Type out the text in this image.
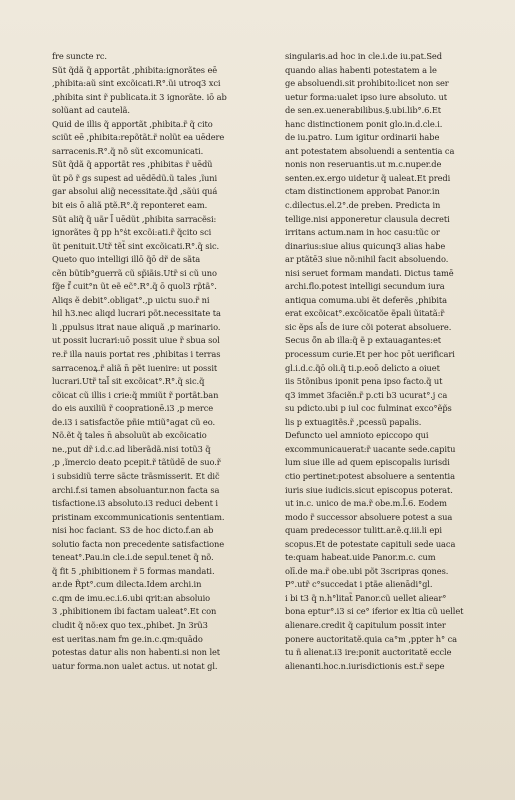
fre suncte rc.
Sũt q̃dã q̃ apportãt ,phibita:ignorãtes eē
,phibita:aũ sint excõicati.R°.ũi utroq3 xci
,phibita sint r̃ publicata.i̇t 3 ignorãte. iō ab
solũant ad cautelã.
Quid de illis q̃ apportãt ,phibita.r̃ q̃ cito
sciũt eē ,phibita:repõtãt.r̃ nolũt ea uēdere
sarracenis.R°.q̃ nõ sũt excomunicati.
Sũt q̃dã q̃ apportãt res ,phibitas r̃ uēdũ
ũt põ r̃ gs supest ad uēdēdũ.ũ tales ,ĩuni
gar absolui alig̃ necessitate.q̃d ,sãu̇i quá
bit eis ō aliã ptẽ.R°.q̃ reponteret eam.
Sũt aliq̃ q̃ uãr l̃ uēdũt ,phibita sarracẽsi:
ignorãtes q̃ pp h°ṡt excõi:ati.r̃ q̃cito sci
ũt penituit.Utr̃ tẽt̃ sint excõicati.R°.q̃ sic.
Queto quo intelligi illō q̃ō dr̃ de sãta
cẽn bũtib°guerrã cũ sp̃iãis.Utr̃ si cũ uno
fg̃e f̃ cuit°n ũt eẽ ec̃°.R°.q̃ ō quol3 rp̃tã°.
Aliqs ẽ debit°.obligat°.,p uictu suo.r̃ ni
hil h3.nec aliqd lucrari põt.necessitate ta
li ,ppulsus itrat naue aliquã ,p marinario.
ut possit lucrari:uō possit uiue r̃ sbua sol
re.r̃ illa nauis portat res ,phibitas i terras
sarracenoꝝ.r̃ aliã n̄ pẽt iuenire: ut possit
lucrari.Utr̃ tal̃ sit excõicat°.R°.q̃ sic.q̃
cõicat cũ illis i crie:q̃ mmiũt r̃ portãt.ban
do eis auxiliũ r̃ cooprationē.i3 ,p merce
de.i3 i satisfactõe pñie mtiũ°agat cũ eo.
Nõ.ẽt q̃ tales n̄ absoluũt ab excõicatio
ne.,put dr̃ i.d.c.ad liberãdã.nisi totũ3 q̃
,p ,ĩmercio deato pcepit.r̃ tãtũdē de suo.r̃
i subsidiũ terre sãcte trãsmisserit. Et dic̃
archi.f.si tamen absoluantur.non facta sa
tisfactione.i3 absoluto.i3 reduci debent i
pristinam excommunicationis sententiam.
nisi hoc faciant. S3 de hoc dicto.f.an ab
solutio facta non precedente satisfactione
teneat°.Pau.in cle.i.de sepul.tenet q̃ nõ.
q̃ fit 5 ,phibitionem r̃ 5 formas mandati.
ar.de R̃pt°.cum dilecta.Idem archi.in
c.qm de imu.ec.i.6.ubi qrit:an absoluio
3 ,phibitionem ibi factam ualeat°.Et con
cludit q̃ nõ:ex quo tex.,phibet. Jn 3rũ3
est ueritas.nam fm ge.in.c.qm:quādo
potestas datur alis non habenti.si non let
uatur forma.non ualet actus. ut notat gl.
singularis.ad hoc in cle.i.de iu.pat.Sed
quando alias habenti potestatem a le
ge absoluendi.sit prohibito:licet non ser
uetur forma:ualet ipso iure absoluto. ut
de sen.ex.uenerabilibus.§.ubi.lib°.6.Et
hanc distinctionem ponit glo.in.d.cle.i.
de iu.patro. Lum igitur ordinarii habe
ant potestatem absoluendi a sententia ca
nonis non reseruantis.ut m.c.nuper.de
senten.ex.ergo uidetur q̃ ualeat.Et predi
ctam distinctionem approbat Panor.in
c.dilectus.el.2°.de preben. Predicta in
tellige.nisi apponeretur clausula decreti
irritans actum.nam in hoc casu:tũc or
dinarius:siue alius quicunq3 alias habe
ar ptãtē3 siue nõ:nihil facit absoluendo.
nisi seruet formam mandati. Dictus tamē
archi.flo.potest intelligi secundum iura
antiqua comuma.ubi ẽt deferẽs ,phibita
erat excõicat°.excõicatõe ẽpali ũitatã:r̃
sic ẽps al̃s de iure cõi poterat absoluere.
Secus ō̃n ab illa:q̃ ẽ p extauagantes:et
processum curie.Et per hoc pōt uerificari
gl.i.d.c.q̃ō oli.q̃ ti.p.eoō delicto a oiuet
iis 5tõnibus iponit pena ipso facto.q̃ ut
q3 immet 3faciẽn.r̃ p.cti b3 ucurat°.j ca
su pdicto.ubi p iul coc fulminat exco°ẽp̃s
lis p extuagitẽs.r̃ ,pcessũ papalis.
Defuncto uel amnioto epiccopo qui
excommunicauerat:r̃ uacante sede.capitu
lum siue ille ad quem episcopalis iurisdi
ctio pertinet:potest absoluere a sententia
iuris siue iudicis.sicut episcopus poterat.
ut in.c. unico de ma.r̃ obe.m.l̃.6. Eodem
modo r̃ successor absoluere potest a sua
quam predecessor tulitt.ar.ẽ.q.iii.li epi
scopus.Et de potestate capituli sede uaca
te:quam habeat.uide Panor.m.c. cum
olī.de ma.r̃ obe.ubi põt 3scripras qones.
P°.utr̃ c°succedat i ptãe alienādi°gl.
i bi t3 q̃ n.h°litat̃ Panor.cũ uellet aliear°
bona eptur°.i3 si ce° iferior ex ltia cũ uellet
alienare.credit q̃ capitulum possit inter
ponere auctoritatẽ.quia ca°m ,ppter h° ca
tu ñ alienat.i3 ire:ponit auctoritatẽ eccle
alienanti.hoc.n.iurisdictionis est.r̃ sepe
